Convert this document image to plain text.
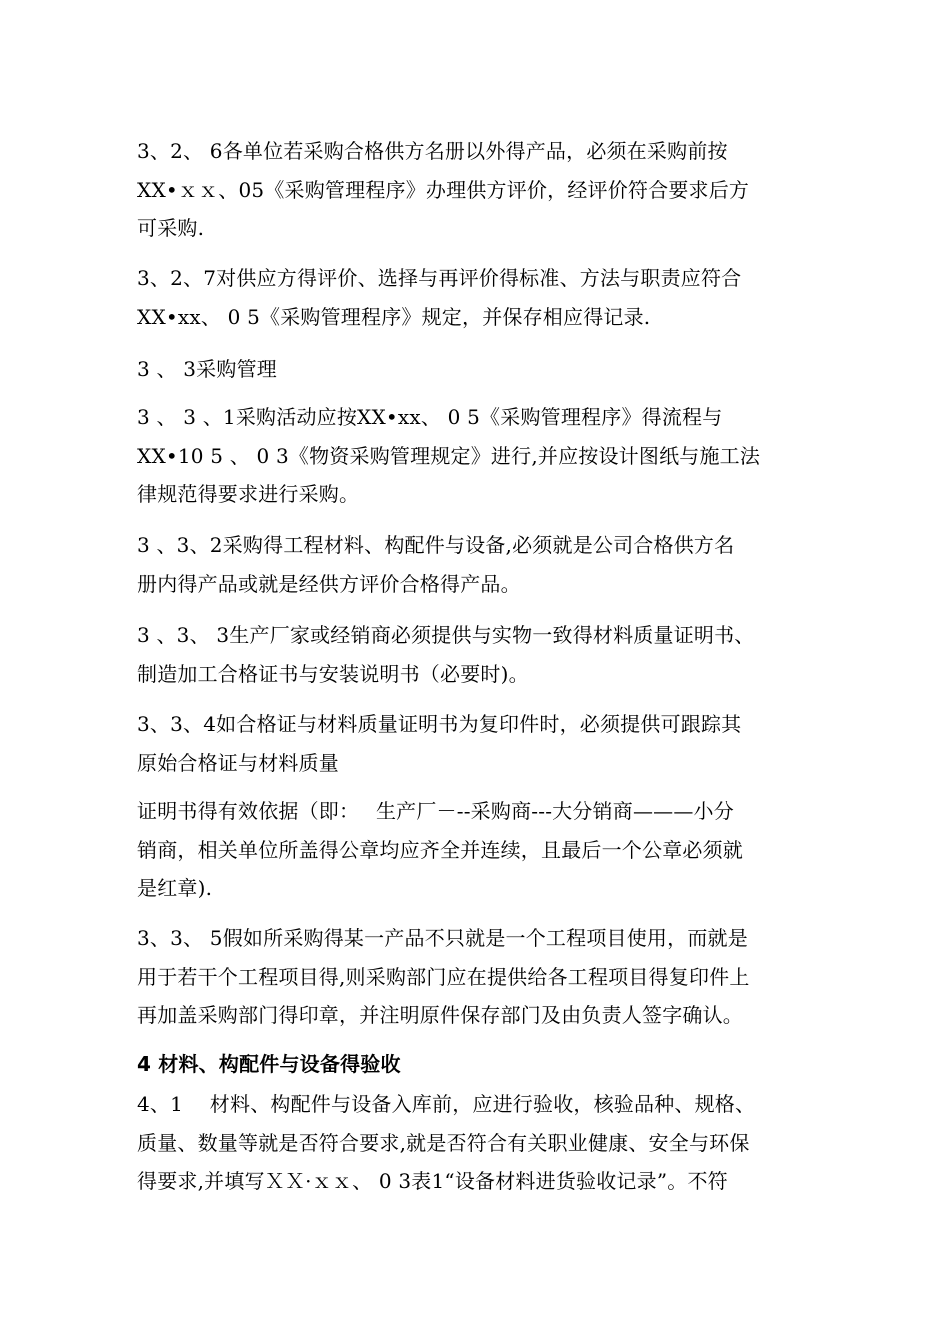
3、2、 6各单位若采购合格供方名册以外得产品，必须在采购前按
XX•ｘｘ、05《采购管理程序》办理供方评价，经评价符合要求后方
可采购.

3、2、7对供应方得评价、选择与再评价得标准、方法与职责应符合
XX•xx、 0 5《采购管理程序》规定，并保存相应得记录.

3 、 3采购管理

3 、 3 、1采购活动应按XX•xx、 0 5《采购管理程序》得流程与
XX•10 5 、 0 3《物资采购管理规定》进行,并应按设计图纸与施工法
律规范得要求进行采购。

3 、3、2采购得工程材料、构配件与设备,必须就是公司合格供方名
册内得产品或就是经供方评价合格得产品。

3 、3、 3生产厂家或经销商必须提供与实物一致得材料质量证明书、
制造加工合格证书与安装说明书（必要时)。

3、3、4如合格证与材料质量证明书为复印件时，必须提供可跟踪其
原始合格证与材料质量

证明书得有效依据（即：　 生产厂－--采购商---大分销商———小分
销商，相关单位所盖得公章均应齐全并连续，且最后一个公章必须就
是红章).

3、3、 5假如所采购得某一产品不只就是一个工程项目使用，而就是
用于若干个工程项目得,则采购部门应在提供给各工程项目得复印件上
再加盖采购部门得印章，并注明原件保存部门及由负责人签字确认。

4 材料、构配件与设备得验收

4、1　 材料、构配件与设备入库前，应进行验收，核验品种、规格、
质量、数量等就是否符合要求,就是否符合有关职业健康、安全与环保
得要求,并填写ＸＸ·ｘｘ、 0 3表1“设备材料进货验收记录”。不符
